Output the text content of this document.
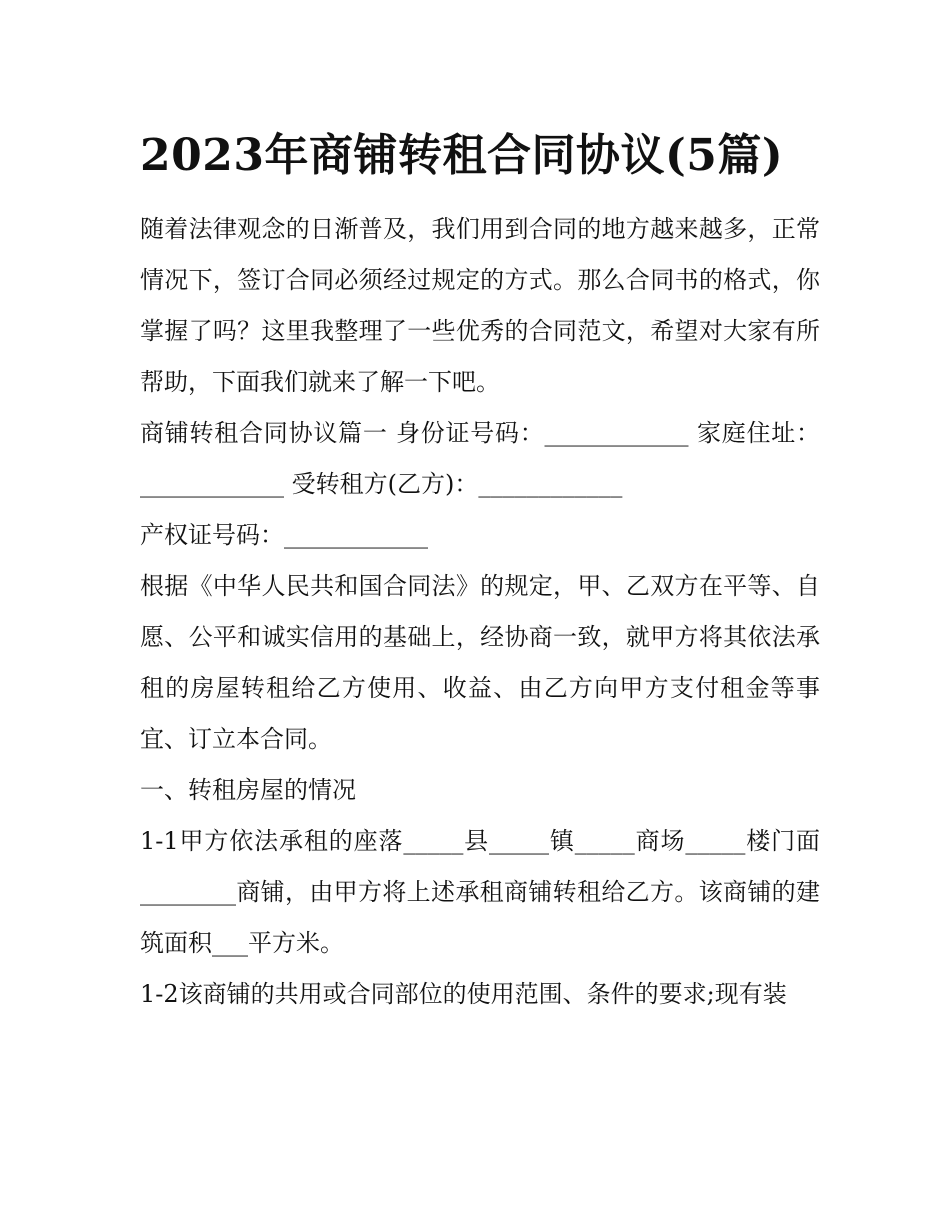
2023年商铺转租合同协议(5篇)

随着法律观念的日渐普及，我们用到合同的地方越来越多，正常情况下，签订合同必须经过规定的方式。那么合同书的格式，你掌握了吗？这里我整理了一些优秀的合同范文，希望对大家有所帮助，下面我们就来了解一下吧。

商铺转租合同协议篇一 身份证号码：____________ 家庭住址：____________ 受转租方(乙方)：____________

产权证号码：____________

根据《中华人民共和国合同法》的规定，甲、乙双方在平等、自愿、公平和诚实信用的基础上，经协商一致，就甲方将其依法承租的房屋转租给乙方使用、收益、由乙方向甲方支付租金等事宜、订立本合同。

一、转租房屋的情况

1-1甲方依法承租的座落_____县_____镇_____商场_____楼门面________商铺，由甲方将上述承租商铺转租给乙方。该商铺的建筑面积___平方米。

1-2该商铺的共用或合同部位的使用范围、条件的要求;现有装
